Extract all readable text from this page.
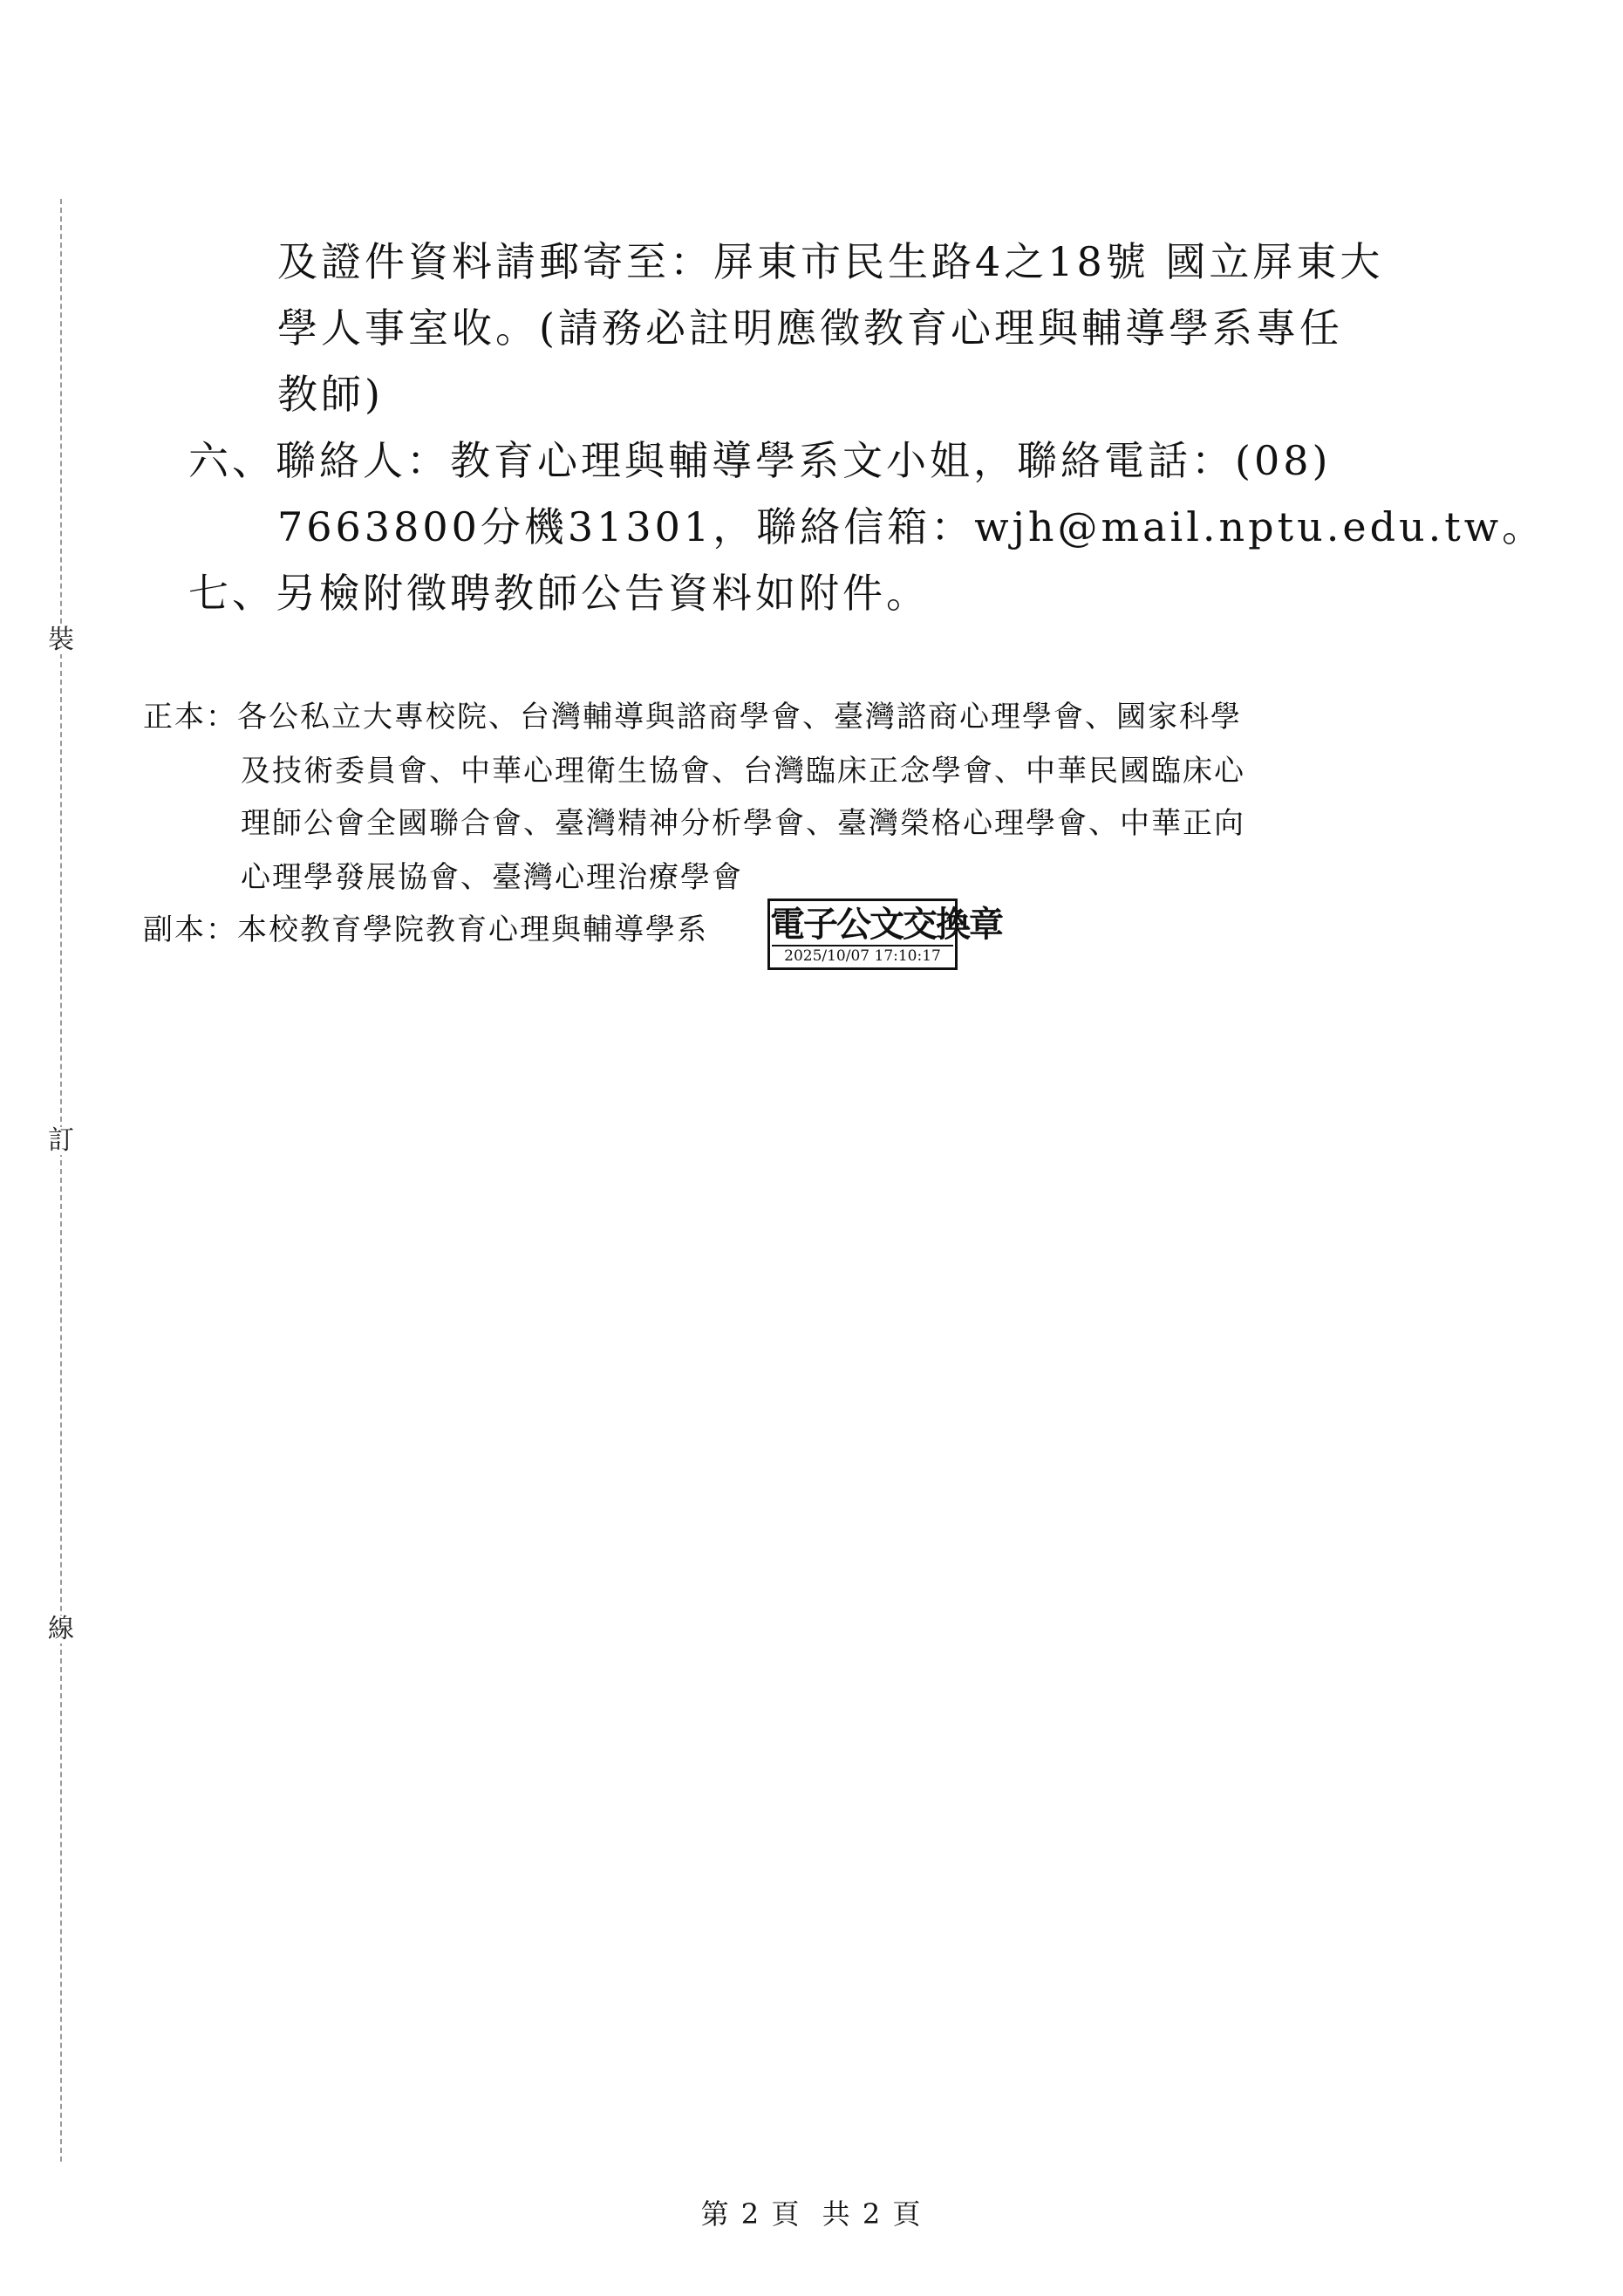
裝
訂
線
及證件資料請郵寄至：屏東市民生路4之18號 國立屏東大
學人事室收。(請務必註明應徵教育心理與輔導學系專任
教師)
六、聯絡人：教育心理與輔導學系文小姐，聯絡電話：(08)
7663800分機31301，聯絡信箱：wjh@mail.nptu.edu.tw。
七、另檢附徵聘教師公告資料如附件。
正本：各公私立大專校院、台灣輔導與諮商學會、臺灣諮商心理學會、國家科學
及技術委員會、中華心理衛生協會、台灣臨床正念學會、中華民國臨床心
理師公會全國聯合會、臺灣精神分析學會、臺灣榮格心理學會、中華正向
心理學發展協會、臺灣心理治療學會
副本：本校教育學院教育心理與輔導學系 電子公文交換章
2025/10/07 17:10:17
第 2 頁  共 2 頁
